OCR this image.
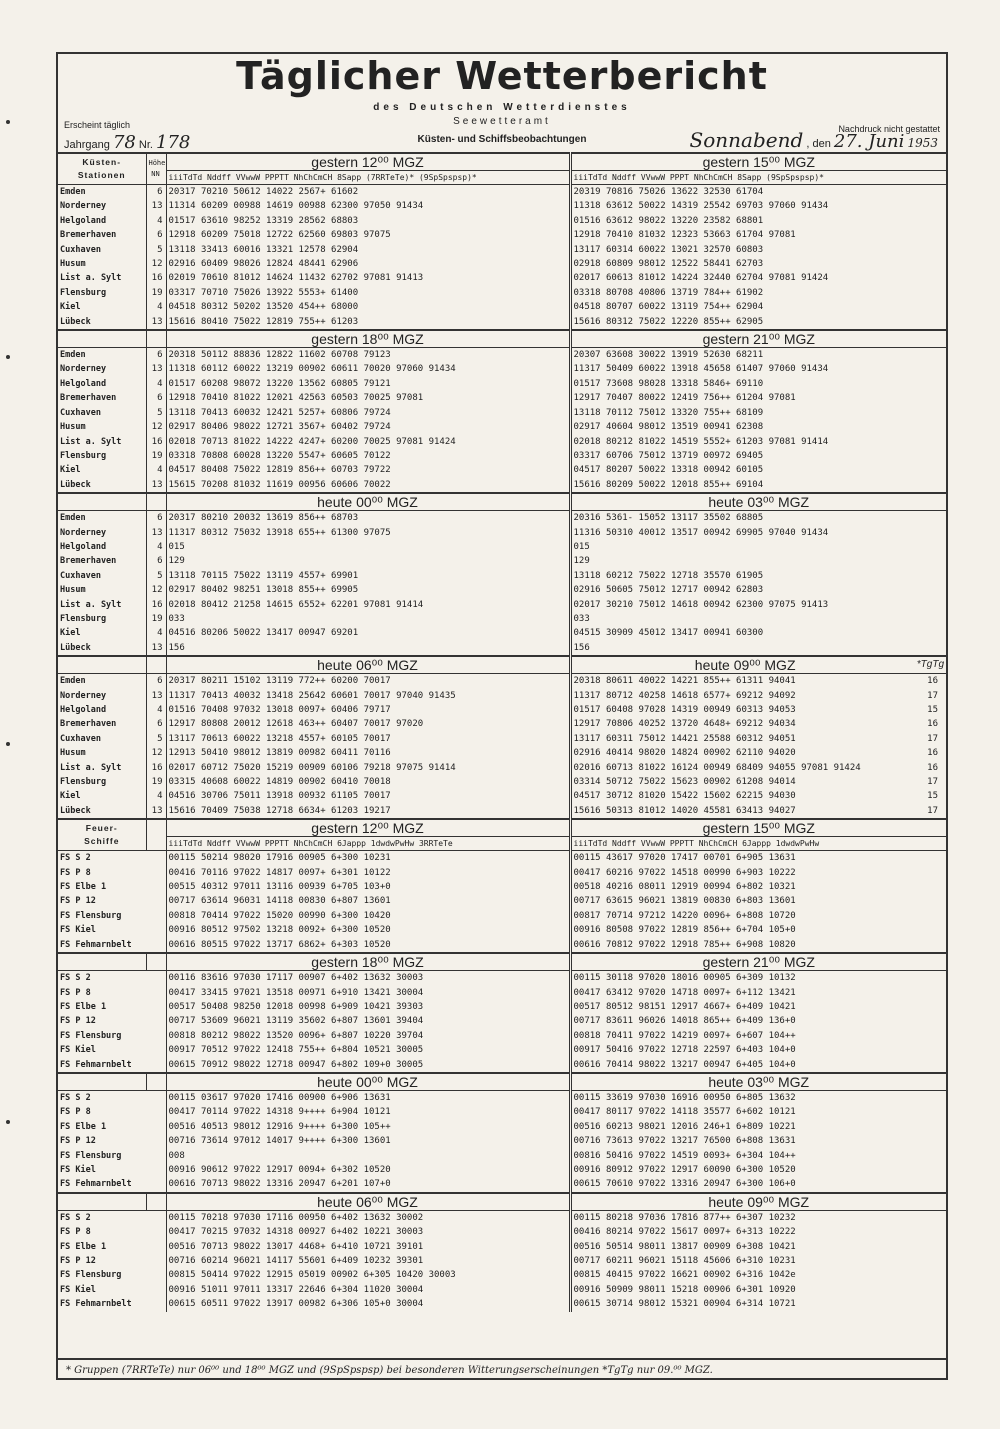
Täglicher Wetterbericht
des Deutschen Wetterdienstes
Seewetteramt
Küsten- und Schiffsbeobachtungen
Erscheint täglich	Nachdruck nicht gestattet
Jahrgang 78 Nr. 178	Sonnabend , den 27. Juni 1953
Küsten-
Stationen	Höhe NN	gestern 12⁰⁰ MGZ	gestern 15⁰⁰ MGZ	
		iiiTdTd Nddff VVwwW PPPTT NhChCmCH 8Sapp (7RRTeTe)* (9SpSpspsp)*	iiiTdTd Nddff VVwwW PPPT NhChCmCH 8Sapp (9SpSpspsp)*	
Emden	6	20317 70210 50612 14022 2567+ 61602	20319 70816 75026 13622 32530 61704	
Norderney	13	11314 60209 00988 14619 00988 62300 97050 91434	11318 63612 50022 14319 25542 69703 97060 91434	
Helgoland	4	01517 63610 98252 13319 28562 68803	01516 63612 98022 13220 23582 68801	
Bremerhaven	6	12918 60209 75018 12722 62560 69803 97075	12918 70410 81032 12323 53663 61704 97081	
Cuxhaven	5	13118 33413 60016 13321 12578 62904	13117 60314 60022 13021 32570 60803	
Husum	12	02916 60409 98026 12824 48441 62906	02918 60809 98012 12522 58441 62703	
List a. Sylt	16	02019 70610 81012 14624 11432 62702 97081 91413	02017 60613 81012 14224 32440 62704 97081 91424	
Flensburg	19	03317 70710 75026 13922 5553+ 61400	03318 80708 40806 13719 784++ 61902	
Kiel	4	04518 80312 50202 13520 454++ 68000	04518 80707 60022 13119 754++ 62904	
Lübeck	13	15616 80410 75022 12819 755++ 61203	15616 80312 75022 12220 855++ 62905	
		gestern 18⁰⁰ MGZ	gestern 21⁰⁰ MGZ	
Emden	6	20318 50112 88836 12822 11602 60708 79123	20307 63608 30022 13919 52630 68211	
Norderney	13	11318 60112 60022 13219 00902 60611 70020 97060 91434	11317 50409 60022 13918 45658 61407 97060 91434	
Helgoland	4	01517 60208 98072 13220 13562 60805 79121	01517 73608 98028 13318 5846+ 69110	
Bremerhaven	6	12918 70410 81022 12021 42563 60503 70025 97081	12917 70407 80022 12419 756++ 61204 97081	
Cuxhaven	5	13118 70413 60032 12421 5257+ 60806 79724	13118 70112 75012 13320 755++ 68109	
Husum	12	02917 80406 98022 12721 3567+ 60402 79724	02917 40604 98012 13519 00941 62308	
List a. Sylt	16	02018 70713 81022 14222 4247+ 60200 70025 97081 91424	02018 80212 81022 14519 5552+ 61203 97081 91414	
Flensburg	19	03318 70808 60028 13220 5547+ 60605 70122	03317 60706 75012 13719 00972 69405	
Kiel	4	04517 80408 75022 12819 856++ 60703 79722	04517 80207 50022 13318 00942 60105	
Lübeck	13	15615 70208 81032 11619 00956 60606 70022	15616 80209 50022 12018 855++ 69104	
		heute 00⁰⁰ MGZ	heute 03⁰⁰ MGZ	
Emden	6	20317 80210 20032 13619 856++ 68703	20316 5361- 15052 13117 35502 68805	
Norderney	13	11317 80312 75032 13918 655++ 61300 97075	11316 50310 40012 13517 00942 69905 97040 91434	
Helgoland	4	015	015	
Bremerhaven	6	129	129	
Cuxhaven	5	13118 70115 75022 13119 4557+ 69901	13118 60212 75022 12718 35570 61905	
Husum	12	02917 80402 98251 13018 855++ 69905	02916 50605 75012 12717 00942 62803	
List a. Sylt	16	02018 80412 21258 14615 6552+ 62201 97081 91414	02017 30210 75012 14618 00942 62300 97075 91413	
Flensburg	19	033	033	
Kiel	4	04516 80206 50022 13417 00947 69201	04515 30909 45012 13417 00941 60300	
Lübeck	13	156	156	
		heute 06⁰⁰ MGZ	*TgTg
heute 09⁰⁰ MGZ	
Emden	6	20317 80211 15102 13119 772++ 60200 70017	20318 80611 40022 14221 855++ 61311 94041	16
Norderney	13	11317 70413 40032 13418 25642 60601 70017 97040 91435	11317 80712 40258 14618 6577+ 69212 94092	17
Helgoland	4	01516 70408 97032 13018 0097+ 60406 79717	01517 60408 97028 14319 00949 60313 94053	15
Bremerhaven	6	12917 80808 20012 12618 463++ 60407 70017 97020	12917 70806 40252 13720 4648+ 69212 94034	16
Cuxhaven	5	13117 70613 60022 13218 4557+ 60105 70017	13117 60311 75012 14421 25588 60312 94051	17
Husum	12	12913 50410 98012 13819 00982 60411 70116	02916 40414 98020 14824 00902 62110 94020	16
List a. Sylt	16	02017 60712 75020 15219 00909 60106 79218 97075 91414	02016 60713 81022 16124 00949 68409 94055 97081 91424	16
Flensburg	19	03315 40608 60022 14819 00902 60410 70018	03314 50712 75022 15623 00902 61208 94014	17
Kiel	4	04516 30706 75011 13918 00932 61105 70017	04517 30712 81020 15422 15602 62215 94030	15
Lübeck	13	15616 70409 75038 12718 6634+ 61203 19217	15616 50313 81012 14020 45581 63413 94027	17
Feuer-
Schiffe		gestern 12⁰⁰ MGZ	gestern 15⁰⁰ MGZ	
		iiiTdTd Nddff VVwwW PPPTT NhChCmCH 6Jappp 1dwdwPwHw 3RRTeTe	iiiTdTd Nddff VVwwW PPPTT NhChCmCH 6Jappp 1dwdwPwHw	
FS S 2		00115 50214 98020 17916 00905 6+300 10231	00115 43617 97020 17417 00701 6+905 13631	
FS P 8		00416 70116 97022 14817 0097+ 6+301 10122	00417 60216 97022 14518 00990 6+903 10222	
FS Elbe 1		00515 40312 97011 13116 00939 6+705 103+0	00518 40216 08011 12919 00994 6+802 10321	
FS P 12		00717 63614 96031 14118 00830 6+807 13601	00717 63615 96021 13819 00830 6+803 13601	
FS Flensburg		00818 70414 97022 15020 00990 6+300 10420	00817 70714 97212 14220 0096+ 6+808 10720	
FS Kiel		00916 80512 97502 13218 0092+ 6+300 10520	00916 80508 97022 12819 856++ 6+704 105+0	
FS Fehmarnbelt		00616 80515 97022 13717 6862+ 6+303 10520	00616 70812 97022 12918 785++ 6+908 10820	
		gestern 18⁰⁰ MGZ	gestern 21⁰⁰ MGZ	
FS S 2		00116 83616 97030 17117 00907 6+402 13632 30003	00115 30118 97020 18016 00905 6+309 10132	
FS P 8		00417 33415 97021 13518 00971 6+910 13421 30004	00417 63412 97020 14718 0097+ 6+112 13421	
FS Elbe 1		00517 50408 98250 12018 00998 6+909 10421 39303	00517 80512 98151 12917 4667+ 6+409 10421	
FS P 12		00717 53609 96021 13119 35602 6+807 13601 39404	00717 83611 96026 14018 865++ 6+409 136+0	
FS Flensburg		00818 80212 98022 13520 0096+ 6+807 10220 39704	00818 70411 97022 14219 0097+ 6+607 104++	
FS Kiel		00917 70512 97022 12418 755++ 6+804 10521 30005	00917 50416 97022 12718 22597 6+403 104+0	
FS Fehmarnbelt		00615 70912 98022 12718 00947 6+802 109+0 30005	00616 70414 98022 13217 00947 6+405 104+0	
		heute 00⁰⁰ MGZ	heute 03⁰⁰ MGZ	
FS S 2		00115 03617 97020 17416 00900 6+906 13631	00115 33619 97030 16916 00950 6+805 13632	
FS P 8		00417 70114 97022 14318 9++++ 6+904 10121	00417 80117 97022 14118 35577 6+602 10121	
FS Elbe 1		00516 40513 98012 12916 9++++ 6+300 105++	00516 60213 98021 12016 246+1 6+809 10221	
FS P 12		00716 73614 97012 14017 9++++ 6+300 13601	00716 73613 97022 13217 76500 6+808 13631	
FS Flensburg		008	00816 50416 97022 14519 0093+ 6+304 104++	
FS Kiel		00916 90612 97022 12917 0094+ 6+302 10520	00916 80912 97022 12917 60090 6+300 10520	
FS Fehmarnbelt		00616 70713 98022 13316 20947 6+201 107+0	00615 70610 97022 13316 20947 6+300 106+0	
		heute 06⁰⁰ MGZ	heute 09⁰⁰ MGZ	
FS S 2		00115 70218 97030 17116 00950 6+402 13632 30002	00115 80218 97036 17816 877++ 6+307 10232	
FS P 8		00417 70215 97032 14318 00927 6+402 10221 30003	00416 80214 97022 15617 0097+ 6+313 10222	
FS Elbe 1		00516 70713 98022 13017 4468+ 6+410 10721 39101	00516 50514 98011 13817 00909 6+308 10421	
FS P 12		00716 60214 96021 14117 55601 6+409 10232 39301	00717 60211 96021 15118 45606 6+310 10231	
FS Flensburg		00815 50414 97022 12915 05019 00902 6+305 10420 30003	00815 40415 97022 16621 00902 6+316 1042e	
FS Kiel		00916 51011 97011 13317 22646 6+304 11020 30004	00916 50909 98011 15218 00906 6+301 10920	
FS Fehmarnbelt		00615 60511 97022 13917 00982 6+306 105+0 30004	00615 30714 98012 15321 00904 6+314 10721	
* Gruppen (7RRTeTe) nur 06⁰⁰ und 18⁰⁰ MGZ und (9SpSpspsp) bei besonderen Witterungserscheinungen *TgTg nur 09.⁰⁰ MGZ.
